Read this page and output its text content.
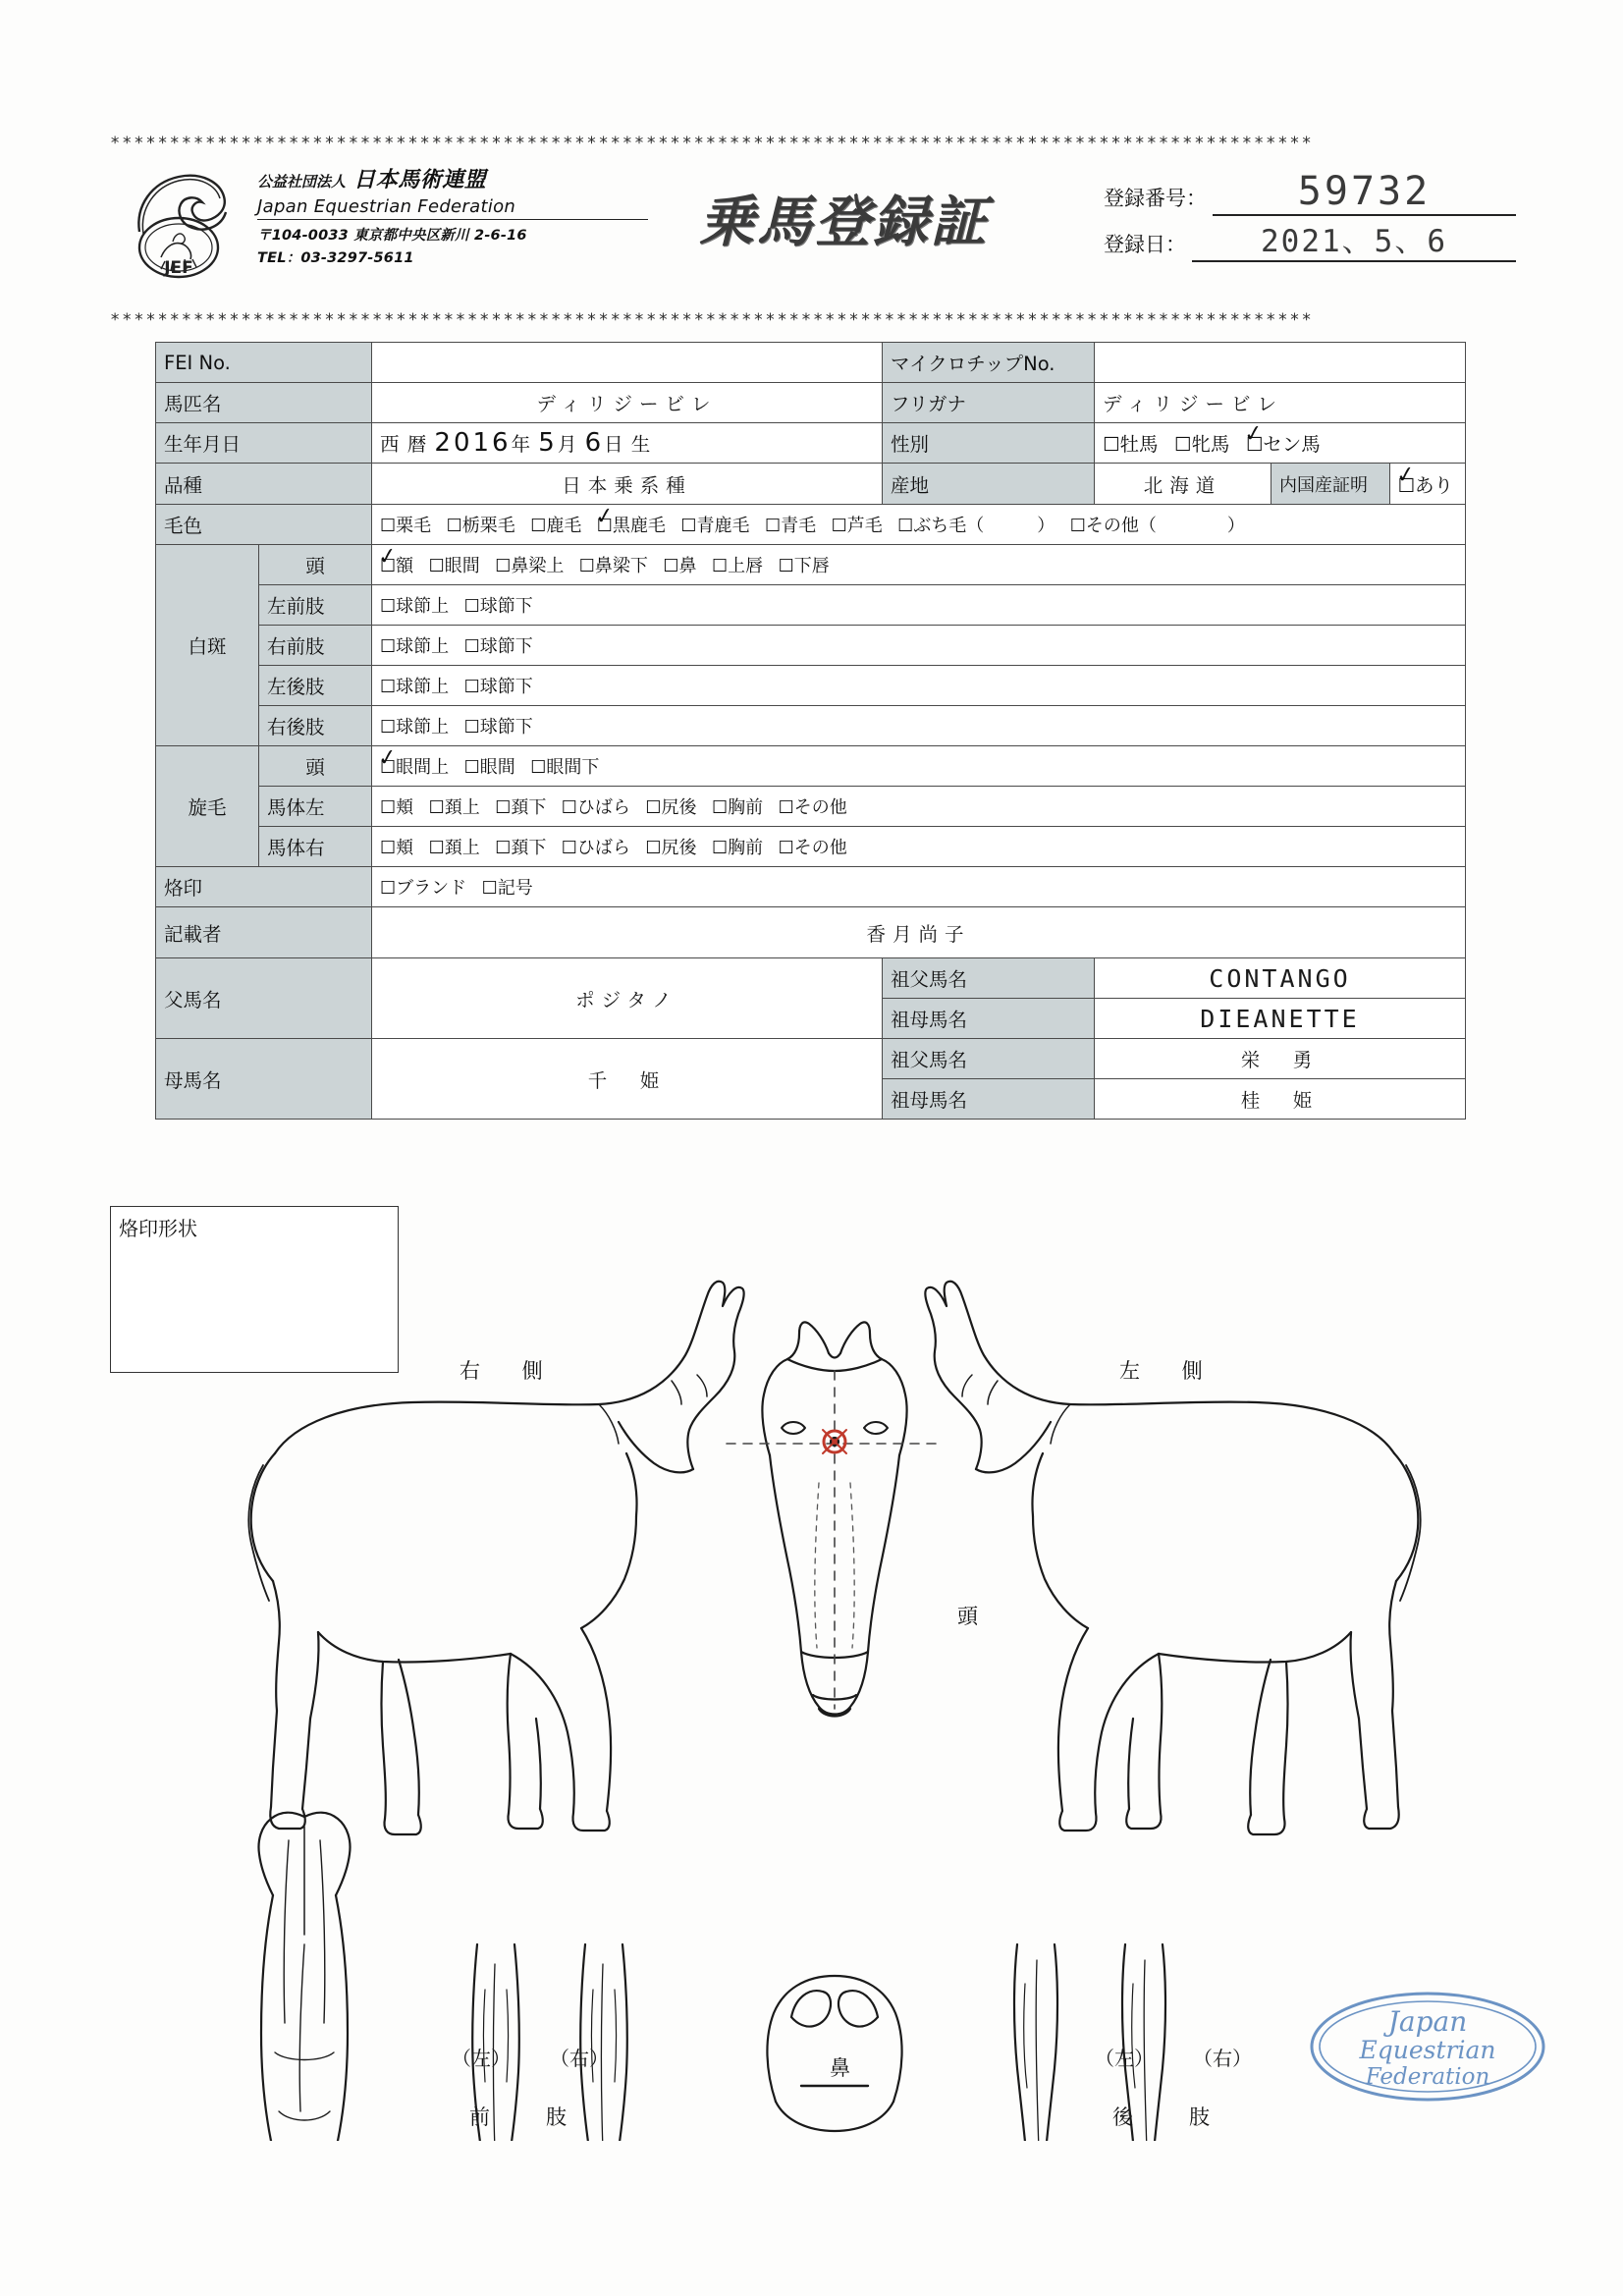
*****************************************************************************************************
*****************************************************************************************************
JEF
公益社団法人 日本馬術連盟
Japan Equestrian Federation
〒104-0033 東京都中央区新川 2-6-16
TEL：03-3297-5611
乗馬登録証	登録番号：	59732
登録日：	2021、5、6
FEI No.		マイクロチップNo.	
馬匹名	ディリジービレ	フリガナ	ディリジービレ
生年月日	西 暦 2016年 5月 6日 生	性別	☐牡馬 ☐牝馬 ☐ ✓セン馬
品種	日本乗系種	産地	北海道		内国産証明	☐ ✓あり

毛色	☐栗毛 ☐栃栗毛 ☐鹿毛 ☐ ✓黒鹿毛 ☐青鹿毛 ☐青毛 ☐芦毛 ☐ぶち毛（　　　） ☐その他（　　　　）
白斑	頭	☐ ✓額 ☐眼間 ☐鼻梁上 ☐鼻梁下 ☐鼻 ☐上唇 ☐下唇
左前肢	☐球節上 ☐球節下
右前肢	☐球節上 ☐球節下
左後肢	☐球節上 ☐球節下
右後肢	☐球節上 ☐球節下
旋毛	頭	☐ ✓眼間上 ☐眼間 ☐眼間下
馬体左	☐頬 ☐頚上 ☐頚下 ☐ひばら ☐尻後 ☐胸前 ☐その他
馬体右	☐頬 ☐頚上 ☐頚下 ☐ひばら ☐尻後 ☐胸前 ☐その他
烙印	☐ブランド ☐記号
記載者	香月尚子
父馬名	ポジタノ	祖父馬名	CONTANGO
祖母馬名	DIEANETTE
母馬名	千　姫	祖父馬名	栄　勇
祖母馬名	桂　姫
烙印形状
右 側	左 側
頭
鼻
（左） （右）
前　肢
（左） （右）
後　肢
Japan
Equestrian
Federation
